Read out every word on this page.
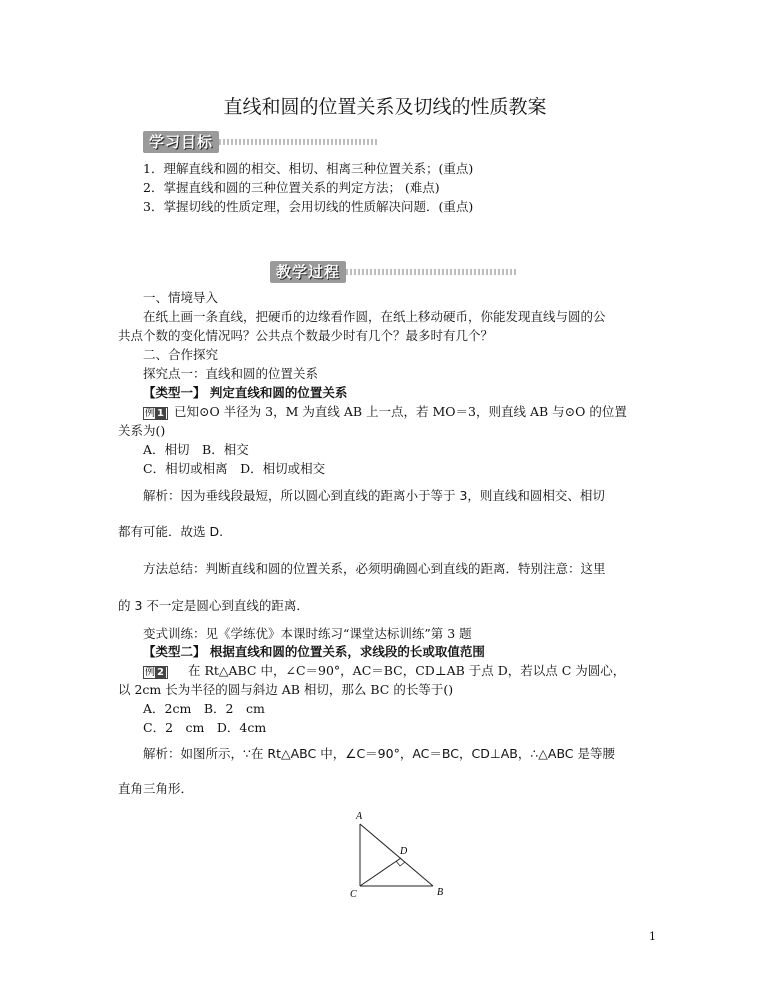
直线和圆的位置关系及切线的性质教案
学习目标
1．理解直线和圆的相交、相切、相离三种位置关系；(重点)
2．掌握直线和圆的三种位置关系的判定方法； (难点)
3．掌握切线的性质定理，会用切线的性质解决问题．(重点)
教学过程
一、情境导入
在纸上画一条直线，把硬币的边缘看作圆，在纸上移动硬币，你能发现直线与圆的公
共点个数的变化情况吗？公共点个数最少时有几个？最多时有几个？
二、合作探究
探究点一：直线和圆的位置关系
【类型一】 判定直线和圆的位置关系
例 1 已知⊙O 半径为 3，M 为直线 AB 上一点，若 MO＝3，则直线 AB 与⊙O 的位置
关系为()
A．相切　B．相交
C．相切或相离　D．相切或相交
解析：因为垂线段最短，所以圆心到直线的距离小于等于 3，则直线和圆相交、相切
都有可能．故选 D.
方法总结：判断直线和圆的位置关系，必须明确圆心到直线的距离．特别注意：这里
的 3 不一定是圆心到直线的距离．
变式训练：见《学练优》本课时练习“课堂达标训练”第 3 题
【类型二】 根据直线和圆的位置关系，求线段的长或取值范围
例 2 在 Rt△ABC 中，∠C＝90°，AC＝BC，CD⊥AB 于点 D，若以点 C 为圆心，
以 2cm 长为半径的圆与斜边 AB 相切，那么 BC 的长等于()
A．2cm　B．2　cm
C．2　cm　D．4cm
解析：如图所示，∵在 Rt△ABC 中，∠C＝90°，AC＝BC，CD⊥AB，∴△ABC 是等腰
直角三角形．
A
D
C	B
1
